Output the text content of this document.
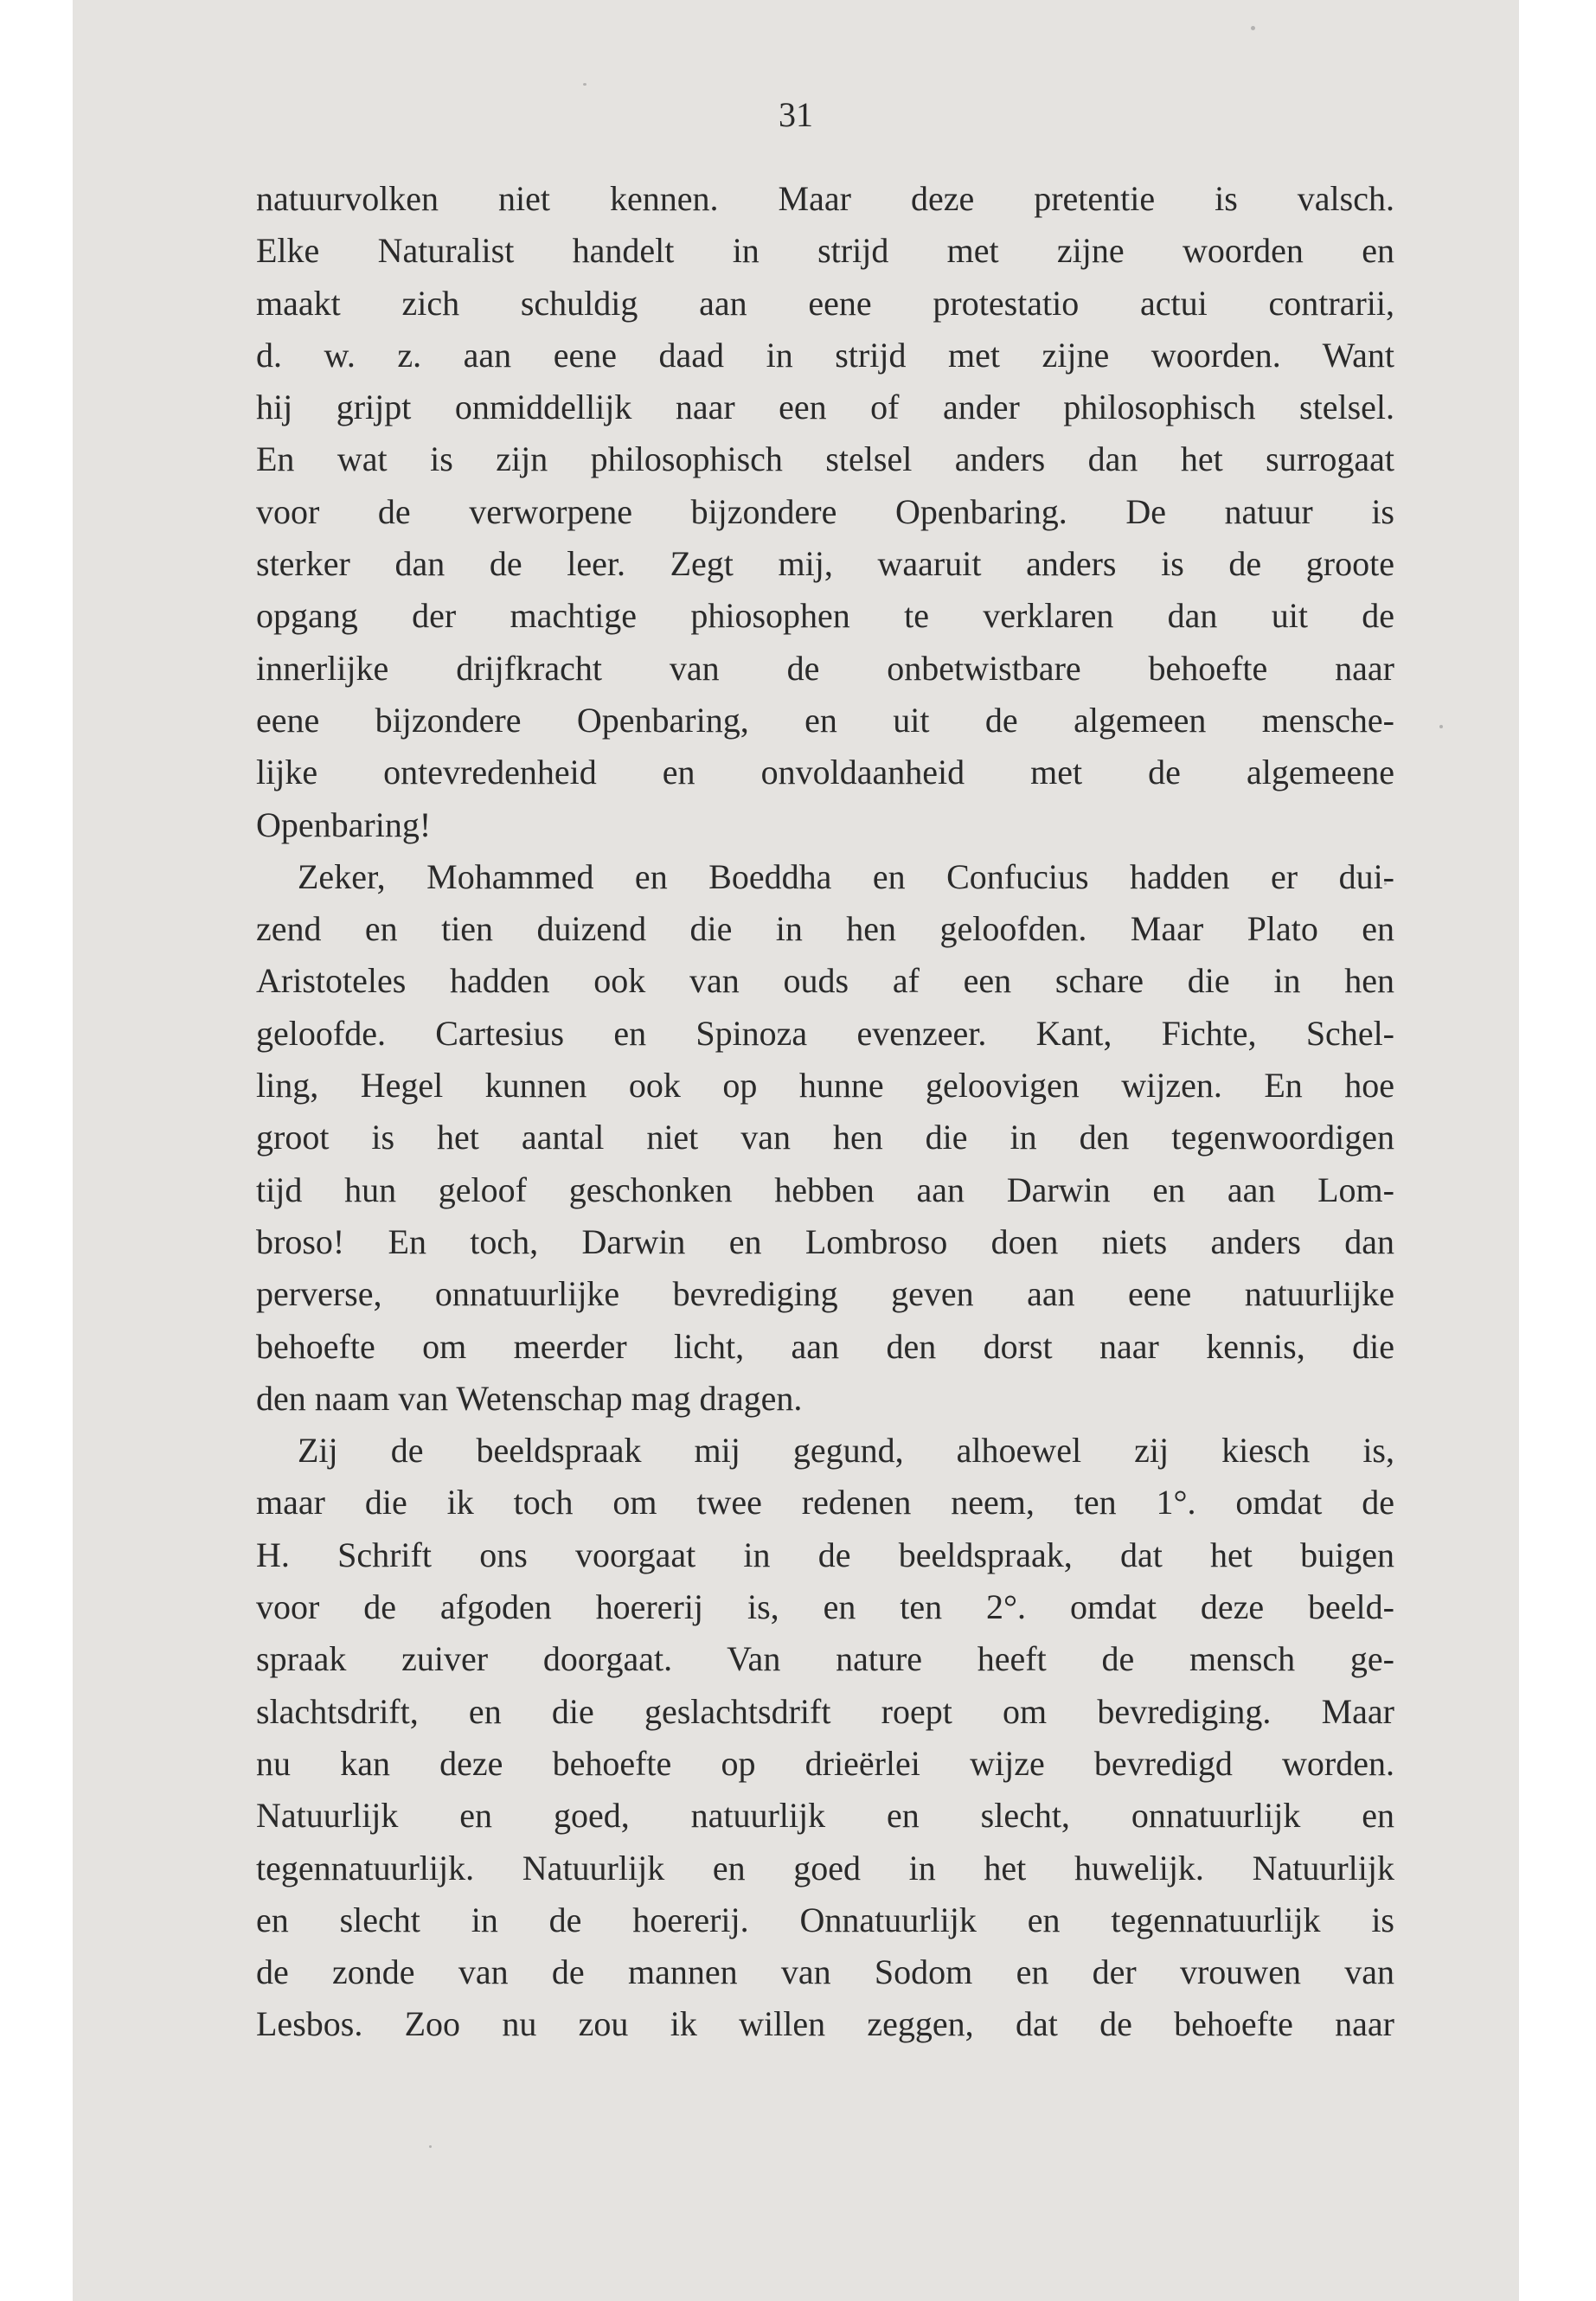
31

natuurvolken niet kennen. Maar deze pretentie is valsch.
Elke Naturalist handelt in strijd met zijne woorden en
maakt zich schuldig aan eene protestatio actui contrarii,
d. w. z. aan eene daad in strijd met zijne woorden. Want
hij grijpt onmiddellijk naar een of ander philosophisch stelsel.
En wat is zijn philosophisch stelsel anders dan het surrogaat
voor de verworpene bijzondere Openbaring. De natuur is
sterker dan de leer. Zegt mij, waaruit anders is de groote
opgang der machtige phiosophen te verklaren dan uit de
innerlijke drijfkracht van de onbetwistbare behoefte naar
eene bijzondere Openbaring, en uit de algemeen mensche-
lijke ontevredenheid en onvoldaanheid met de algemeene
Openbaring!

Zeker, Mohammed en Boeddha en Confucius hadden er dui-
zend en tien duizend die in hen geloofden. Maar Plato en
Aristoteles hadden ook van ouds af een schare die in hen
geloofde. Cartesius en Spinoza evenzeer. Kant, Fichte, Schel-
ling, Hegel kunnen ook op hunne geloovigen wijzen. En hoe
groot is het aantal niet van hen die in den tegenwoordigen
tijd hun geloof geschonken hebben aan Darwin en aan Lom-
broso! En toch, Darwin en Lombroso doen niets anders dan
perverse, onnatuurlijke bevrediging geven aan eene natuurlijke
behoefte om meerder licht, aan den dorst naar kennis, die
den naam van Wetenschap mag dragen.

Zij de beeldspraak mij gegund, alhoewel zij kiesch is,
maar die ik toch om twee redenen neem, ten 1°. omdat de
H. Schrift ons voorgaat in de beeldspraak, dat het buigen
voor de afgoden hoererij is, en ten 2°. omdat deze beeld-
spraak zuiver doorgaat. Van nature heeft de mensch ge-
slachtsdrift, en die geslachtsdrift roept om bevrediging. Maar
nu kan deze behoefte op drieërlei wijze bevredigd worden.
Natuurlijk en goed, natuurlijk en slecht, onnatuurlijk en
tegennatuurlijk. Natuurlijk en goed in het huwelijk. Natuurlijk
en slecht in de hoererij. Onnatuurlijk en tegennatuurlijk is
de zonde van de mannen van Sodom en der vrouwen van
Lesbos. Zoo nu zou ik willen zeggen, dat de behoefte naar
